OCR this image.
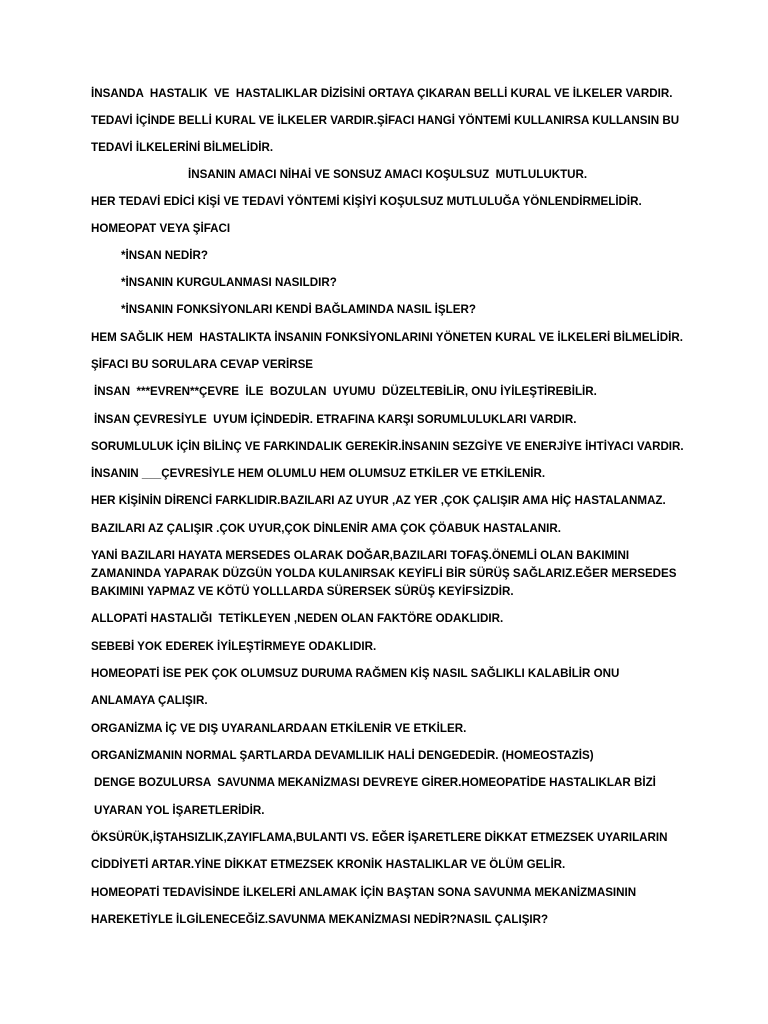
İNSANDA  HASTALIK  VE  HASTALIKLAR DİZİSİNİ ORTAYA ÇIKARAN BELLİ KURAL VE İLKELER VARDIR.
TEDAVİ İÇİNDE BELLİ KURAL VE İLKELER VARDIR.ŞİFACI HANGİ YÖNTEMİ KULLANIRSA KULLANSIN BU
TEDAVİ İLKELERİNİ BİLMELİDİR.
İNSANIN AMACI NİHAİ VE SONSUZ AMACI KOŞULSUZ  MUTLULUKTUR.
HER TEDAVİ EDİCİ KİŞİ VE TEDAVİ YÖNTEMİ KİŞİYİ KOŞULSUZ MUTLULUĞA YÖNLENDİRMELİDİR.
HOMEOPAT VEYA ŞİFACI
*İNSAN NEDİR?
*İNSANIN KURGULANMASI NASILDIR?
*İNSANIN FONKSİYONLARI KENDİ BAĞLAMINDA NASIL İŞLER?
HEM SAĞLIK HEM  HASTALIKTA İNSANIN FONKSİYONLARINI YÖNETEN KURAL VE İLKELERİ BİLMELİDİR.
ŞİFACI BU SORULARA CEVAP VERİRSE
İNSAN  ***EVREN**ÇEVRE  İLE  BOZULAN  UYUMU  DÜZELTEBİLİR, ONU İYİLEŞTİREBİLİR.
İNSAN ÇEVRESİYLE  UYUM İÇİNDEDİR. ETRAFINA KARŞI SORUMLULUKLARI VARDIR.
SORUMLULUK İÇİN BİLİNÇ VE FARKINDALIK GEREKİR.İNSANIN SEZGİYE VE ENERJİYE İHTİYACI VARDIR.
İNSANIN ___ÇEVRESİYLE HEM OLUMLU HEM OLUMSUZ ETKİLER VE ETKİLENİR.
HER KİŞİNİN DİRENCİ FARKLIDIR.BAZILARI AZ UYUR ,AZ YER ,ÇOK ÇALIŞIR AMA HİÇ HASTALANMAZ.
BAZILARI AZ ÇALIŞIR .ÇOK UYUR,ÇOK DİNLENİR AMA ÇOK ÇÖABUK HASTALANIR.
YANİ BAZILARI HAYATA MERSEDES OLARAK DOĞAR,BAZILARI TOFAŞ.ÖNEMLİ OLAN BAKIMINI
ZAMANINDA YAPARAK DÜZGÜN YOLDA KULANIRSAK KEYİFLİ BİR SÜRÜŞ SAĞLARIZ.EĞER MERSEDES
BAKIMINI YAPMAZ VE KÖTÜ YOLLLARDA SÜRERSEK SÜRÜŞ KEYİFSİZDİR.
ALLOPATİ HASTALIĞI  TETİKLEYEN ,NEDEN OLAN FAKTÖRE ODAKLIDIR.
SEBEBİ YOK EDEREK İYİLEŞTİRMEYE ODAKLIDIR.
HOMEOPATİ İSE PEK ÇOK OLUMSUZ DURUMA RAĞMEN KİŞ NASIL SAĞLIKLI KALABİLİR ONU
ANLAMAYA ÇALIŞIR.
ORGANİZMA İÇ VE DIŞ UYARANLARDAAN ETKİLENİR VE ETKİLER.
ORGANİZMANIN NORMAL ŞARTLARDA DEVAMLILIK HALİ DENGEDEDİR. (HOMEOSTAZİS)
DENGE BOZULURSA  SAVUNMA MEKANİZMASI DEVREYE GİRER.HOMEOPATİDE HASTALIKLAR BİZİ
UYARAN YOL İŞARETLERİDİR.
ÖKSÜRÜK,İŞTAHSIZLIK,ZAYIFLAMA,BULANTI VS. EĞER İŞARETLERE DİKKAT ETMEZSEK UYARILARIN
CİDDİYETİ ARTAR.YİNE DİKKAT ETMEZSEK KRONİK HASTALIKLAR VE ÖLÜM GELİR.
HOMEOPATİ TEDAVİSİNDE İLKELERİ ANLAMAK İÇİN BAŞTAN SONA SAVUNMA MEKANİZMASININ
HAREKETİYLE İLGİLENECEĞİZ.SAVUNMA MEKANİZMASI NEDİR?NASIL ÇALIŞIR?
